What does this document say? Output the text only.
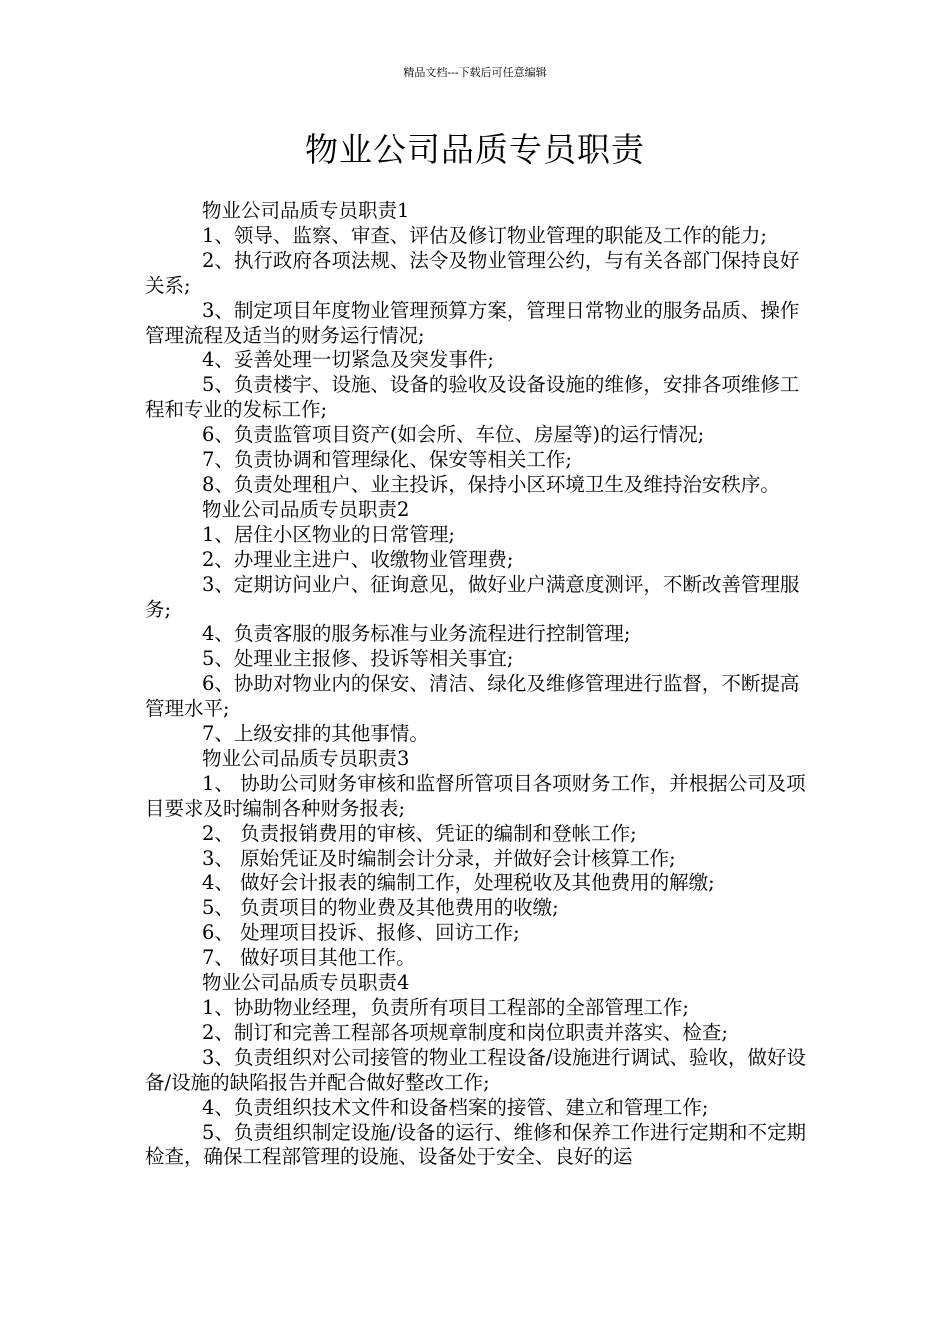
精品文档---下载后可任意编辑
物业公司品质专员职责

物业公司品质专员职责1

1、领导、监察、审查、评估及修订物业管理的职能及工作的能力;

2、执行政府各项法规、法令及物业管理公约，与有关各部门保持良好关系;

3、制定项目年度物业管理预算方案，管理日常物业的服务品质、操作管理流程及适当的财务运行情况;

4、妥善处理一切紧急及突发事件;

5、负责楼宇、设施、设备的验收及设备设施的维修，安排各项维修工程和专业的发标工作;

6、负责监管项目资产(如会所、车位、房屋等)的运行情况;

7、负责协调和管理绿化、保安等相关工作;

8、负责处理租户、业主投诉，保持小区环境卫生及维持治安秩序。

物业公司品质专员职责2

1、居住小区物业的日常管理;

2、办理业主进户、收缴物业管理费;

3、定期访问业户、征询意见，做好业户满意度测评，不断改善管理服务;

4、负责客服的服务标准与业务流程进行控制管理;

5、处理业主报修、投诉等相关事宜;

6、协助对物业内的保安、清洁、绿化及维修管理进行监督，不断提高管理水平;

7、上级安排的其他事情。

物业公司品质专员职责3

1、 协助公司财务审核和监督所管项目各项财务工作，并根据公司及项目要求及时编制各种财务报表;

2、 负责报销费用的审核、凭证的编制和登帐工作;

3、 原始凭证及时编制会计分录，并做好会计核算工作;

4、 做好会计报表的编制工作，处理税收及其他费用的解缴;

5、 负责项目的物业费及其他费用的收缴;

6、 处理项目投诉、报修、回访工作;

7、 做好项目其他工作。

物业公司品质专员职责4

1、协助物业经理，负责所有项目工程部的全部管理工作;

2、制订和完善工程部各项规章制度和岗位职责并落实、检查;

3、负责组织对公司接管的物业工程设备/设施进行调试、验收，做好设备/设施的缺陷报告并配合做好整改工作;

4、负责组织技术文件和设备档案的接管、建立和管理工作;

5、负责组织制定设施/设备的运行、维修和保养工作进行定期和不定期检查，确保工程部管理的设施、设备处于安全、良好的运
